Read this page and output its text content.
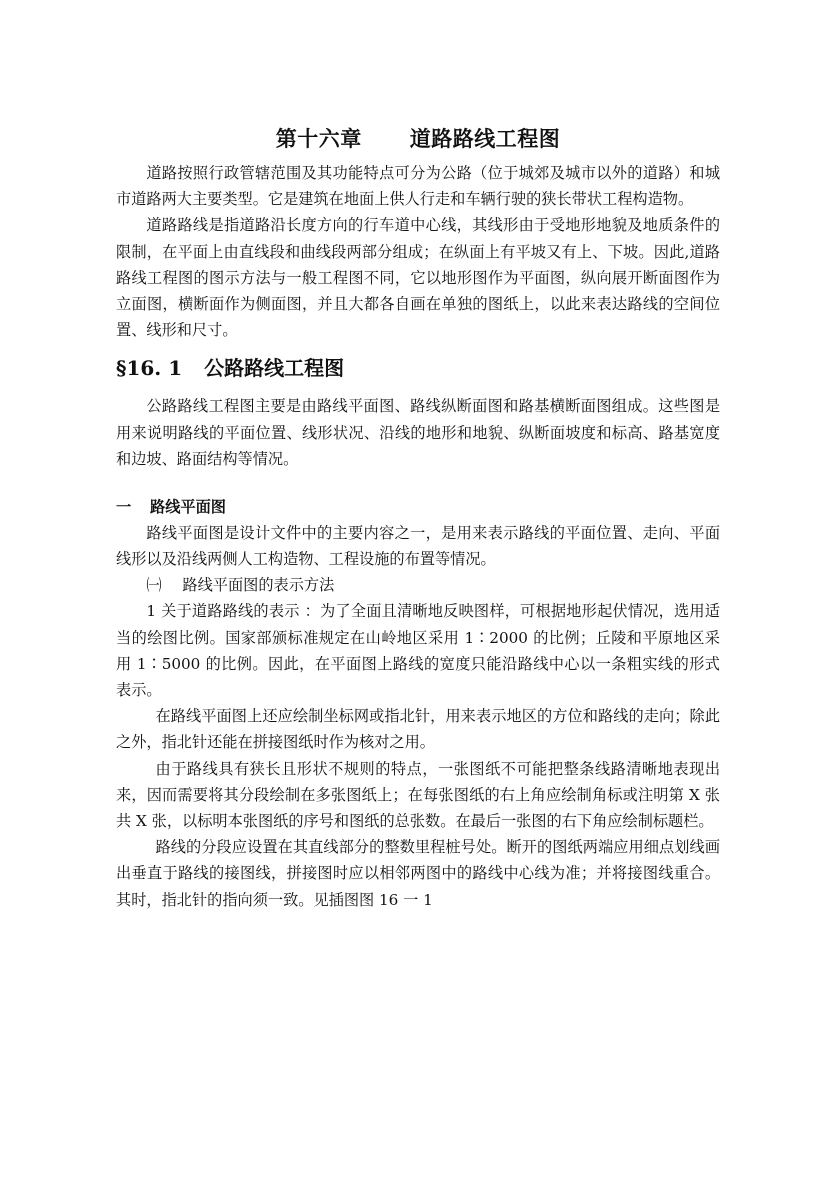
第十六章 道路路线工程图

道路按照行政管辖范围及其功能特点可分为公路（位于城郊及城市以外的道路）和城市道路两大主要类型。它是建筑在地面上供人行走和车辆行驶的狭长带状工程构造物。

道路路线是指道路沿长度方向的行车道中心线，其线形由于受地形地貌及地质条件的限制，在平面上由直线段和曲线段两部分组成；在纵面上有平坡又有上、下坡。因此,道路路线工程图的图示方法与一般工程图不同，它以地形图作为平面图，纵向展开断面图作为立面图，横断面作为侧面图，并且大都各自画在单独的图纸上，以此来表达路线的空间位置、线形和尺寸。

§16. 1 公路路线工程图

公路路线工程图主要是由路线平面图、路线纵断面图和路基横断面图组成。这些图是用来说明路线的平面位置、线形状况、沿线的地形和地貌、纵断面坡度和标高、路基宽度和边坡、路面结构等情况。

一 路线平面图

路线平面图是设计文件中的主要内容之一，是用来表示路线的平面位置、走向、平面线形以及沿线两侧人工构造物、工程设施的布置等情况。

㈠ 路线平面图的表示方法

1 关于道路路线的表示 ：为了全面且清晰地反映图样，可根据地形起伏情况，选用适当的绘图比例。国家部颁标准规定在山岭地区采用 1∶2000 的比例；丘陵和平原地区采用 1∶5000 的比例。因此，在平面图上路线的宽度只能沿路线中心以一条粗实线的形式表示。

在路线平面图上还应绘制坐标网或指北针，用来表示地区的方位和路线的走向；除此之外，指北针还能在拼接图纸时作为核对之用。

由于路线具有狭长且形状不规则的特点，一张图纸不可能把整条线路清晰地表现出来，因而需要将其分段绘制在多张图纸上；在每张图纸的右上角应绘制角标或注明第 X 张共 X 张，以标明本张图纸的序号和图纸的总张数。在最后一张图的右下角应绘制标题栏。

路线的分段应设置在其直线部分的整数里程桩号处。断开的图纸两端应用细点划线画出垂直于路线的接图线，拼接图时应以相邻两图中的路线中心线为准；并将接图线重合。其时，指北针的指向须一致。见插图图 16 一 1
